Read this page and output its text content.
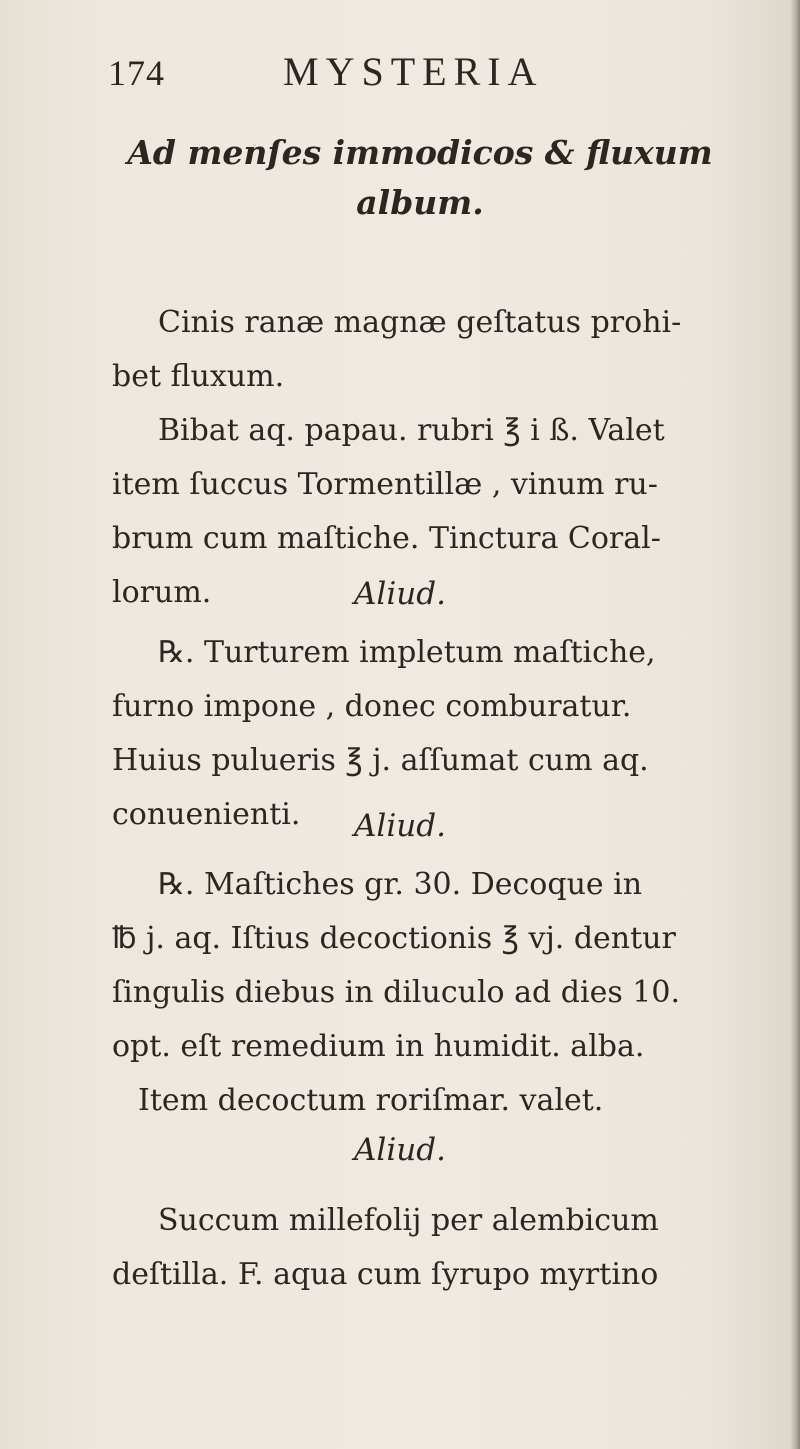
174	MYSTERIA
Ad menſes immodicos & fluxum
album.
Cinis ranæ magnæ geſtatus prohi-
bet fluxum.
Bibat aq. papau. rubri ℥ i ß. Valet
item ſuccus Tormentillæ , vinum ru-
brum cum maſtiche. Tinctura Coral-
lorum.	Aliud.
℞. Turturem impletum maſtiche,
furno impone , donec comburatur.
Huius pulueris ℥ j. aſſumat cum aq.
conuenienti.	Aliud.
℞. Maſtiches gr. 30. Decoque in
℔ j. aq. Iſtius decoctionis ℥ vj. dentur
ſingulis diebus in diluculo ad dies 10.
opt. eſt remedium in humidit. alba.
Item decoctum roriſmar. valet.
Aliud.
Succum millefolij per alembicum
deſtilla. F. aqua cum ſyrupo myrtino
